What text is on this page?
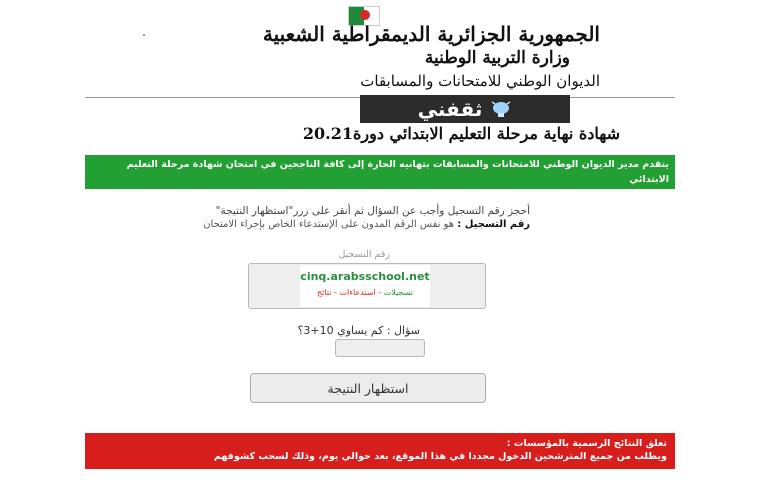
الجمهورية الجزائرية الديمقراطية الشعبية
وزارة التربية الوطنية
الديوان الوطني للامتحانات والمسابقات
ثقفني
شهادة نهاية مرحلة التعليم الابتدائي دورة20.21
يتقدم مدير الديوان الوطني للامتحانات والمسابقات بتهانيه الحارة إلى كافة الناجحين في امتحان شهادة مرحلة التعليم الابتدائي
كما يتمنى النجاح مستقبلا للذين لم يسعفهم الحظ في هذه الدورة
أحجز رقم التسجيل وأجب عن السؤال ثم أنقر على زرر"استظهار النتيجة"
رقم التسجيل : هو نفس الرقم المدون على الإستدعاء الخاص بإجراء الامتحان
رقم التسجيل
cinq.arabsschool.net
تسجيلات - استدعاءات - نتائج
سؤال : كم يساوي 10+3؟
استظهار النتيجة
تعلق النتائج الرسمية بالمؤسسات :
ويطلب من جميع المترشحين الدخول مجددا في هذا الموقع، بعد حوالي يوم، وذلك لسحب كشوفهم
